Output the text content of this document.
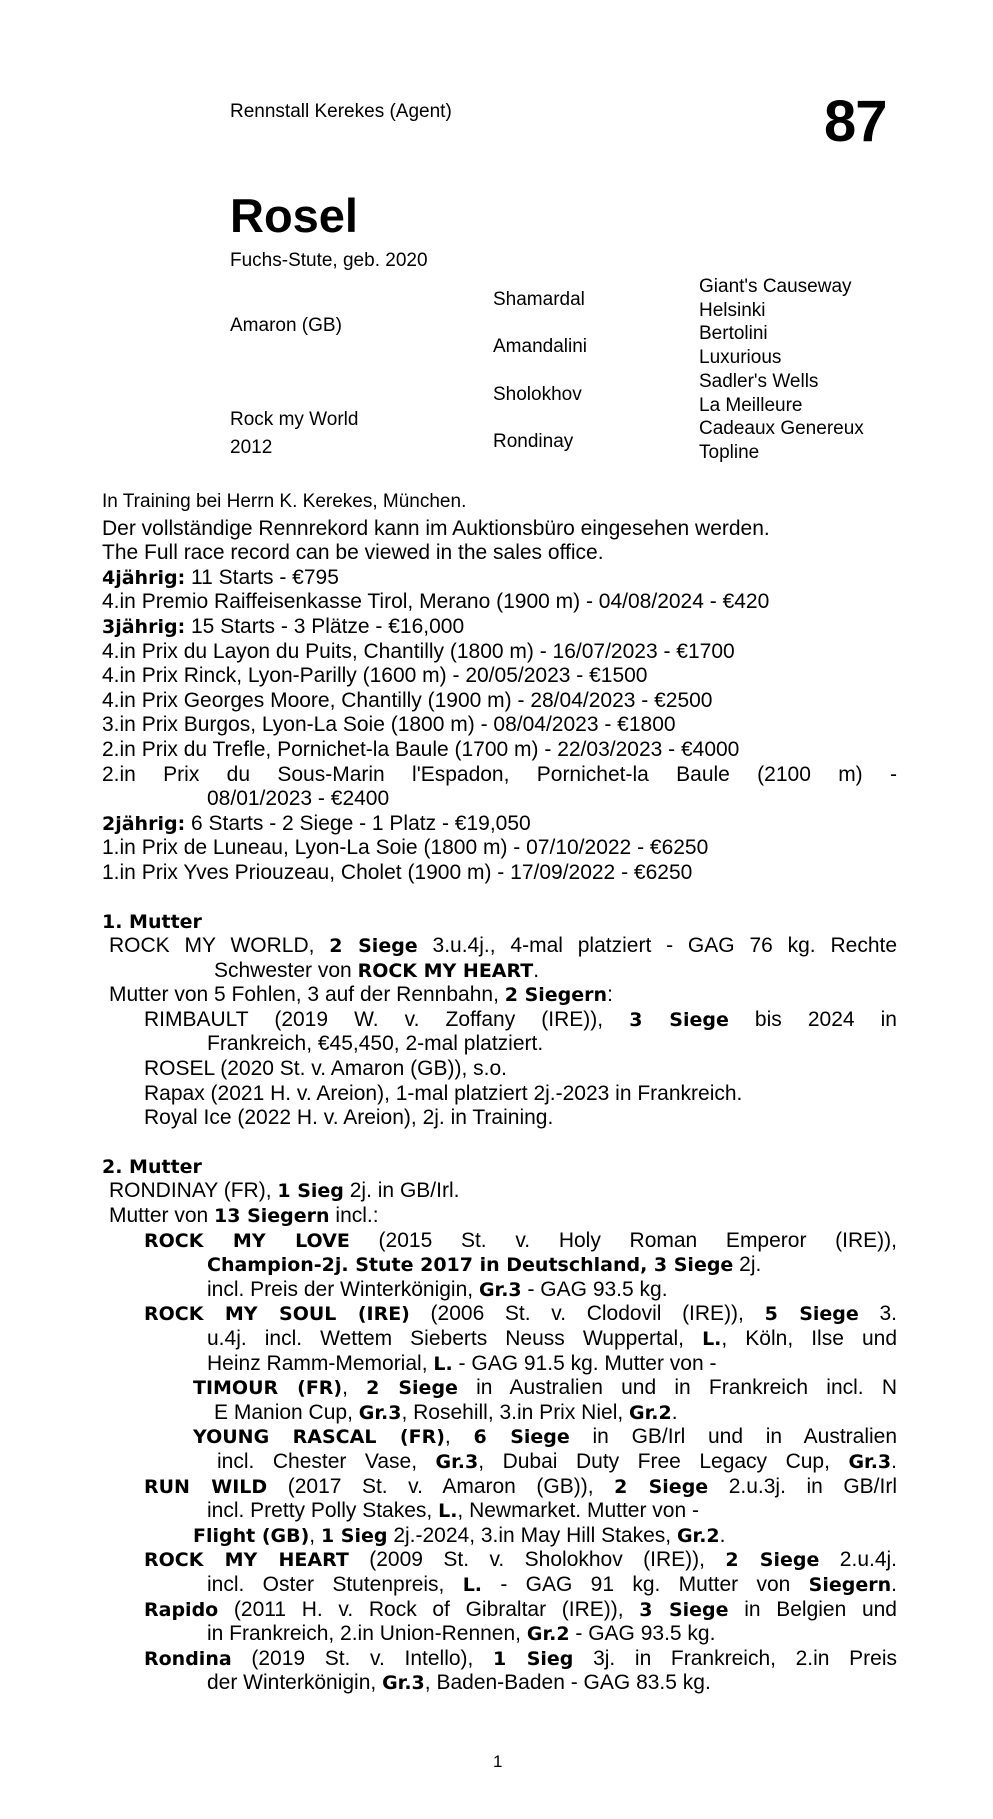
Rennstall Kerekes (Agent)	87
Rosel
Fuchs-Stute, geb. 2020
Amaron (GB)
Rock my World
2012
Shamardal
Amandalini
Sholokhov
Rondinay
Giant's Causeway
Helsinki
Bertolini
Luxurious
Sadler's Wells
La Meilleure
Cadeaux Genereux
Topline
In Training bei Herrn K. Kerekes, München.
Der vollständige Rennrekord kann im Auktionsbüro eingesehen werden.
The Full race record can be viewed in the sales office.
4jährig: 11 Starts - €795
4.in Premio Raiffeisenkasse Tirol, Merano (1900 m) - 04/08/2024 - €420
3jährig: 15 Starts - 3 Plätze - €16,000
4.in Prix du Layon du Puits, Chantilly (1800 m) - 16/07/2023 - €1700
4.in Prix Rinck, Lyon-Parilly (1600 m) - 20/05/2023 - €1500
4.in Prix Georges Moore, Chantilly (1900 m) - 28/04/2023 - €2500
3.in Prix Burgos, Lyon-La Soie (1800 m) - 08/04/2023 - €1800
2.in Prix du Trefle, Pornichet-la Baule (1700 m) - 22/03/2023 - €4000
2.in Prix du Sous-Marin l'Espadon, Pornichet-la Baule (2100 m) -
08/01/2023 - €2400
2jährig: 6 Starts - 2 Siege - 1 Platz - €19,050
1.in Prix de Luneau, Lyon-La Soie (1800 m) - 07/10/2022 - €6250
1.in Prix Yves Priouzeau, Cholet (1900 m) - 17/09/2022 - €6250
1. Mutter
ROCK MY WORLD, 2 Siege 3.u.4j., 4-mal platziert - GAG 76 kg. Rechte
Schwester von ROCK MY HEART.
Mutter von 5 Fohlen, 3 auf der Rennbahn, 2 Siegern:
RIMBAULT (2019 W. v. Zoffany (IRE)), 3 Siege bis 2024 in
Frankreich, €45,450, 2-mal platziert.
ROSEL (2020 St. v. Amaron (GB)), s.o.
Rapax (2021 H. v. Areion), 1-mal platziert 2j.-2023 in Frankreich.
Royal Ice (2022 H. v. Areion), 2j. in Training.
2. Mutter
RONDINAY (FR), 1 Sieg 2j. in GB/Irl.
Mutter von 13 Siegern incl.:
ROCK MY LOVE (2015 St. v. Holy Roman Emperor (IRE)),
Champion-2j. Stute 2017 in Deutschland, 3 Siege 2j.
incl. Preis der Winterkönigin, Gr.3 - GAG 93.5 kg.
ROCK MY SOUL (IRE) (2006 St. v. Clodovil (IRE)), 5 Siege 3.
u.4j. incl. Wettem Sieberts Neuss Wuppertal, L., Köln, Ilse und
Heinz Ramm-Memorial, L. - GAG 91.5 kg. Mutter von -
TIMOUR (FR), 2 Siege in Australien und in Frankreich incl. N
E Manion Cup, Gr.3, Rosehill, 3.in Prix Niel, Gr.2.
YOUNG RASCAL (FR), 6 Siege in GB/Irl und in Australien
incl. Chester Vase, Gr.3, Dubai Duty Free Legacy Cup, Gr.3.
RUN WILD (2017 St. v. Amaron (GB)), 2 Siege 2.u.3j. in GB/Irl
incl. Pretty Polly Stakes, L., Newmarket. Mutter von -
Flight (GB), 1 Sieg 2j.-2024, 3.in May Hill Stakes, Gr.2.
ROCK MY HEART (2009 St. v. Sholokhov (IRE)), 2 Siege 2.u.4j.
incl. Oster Stutenpreis, L. - GAG 91 kg. Mutter von Siegern.
Rapido (2011 H. v. Rock of Gibraltar (IRE)), 3 Siege in Belgien und
in Frankreich, 2.in Union-Rennen, Gr.2 - GAG 93.5 kg.
Rondina (2019 St. v. Intello), 1 Sieg 3j. in Frankreich, 2.in Preis
der Winterkönigin, Gr.3, Baden-Baden - GAG 83.5 kg.
1
